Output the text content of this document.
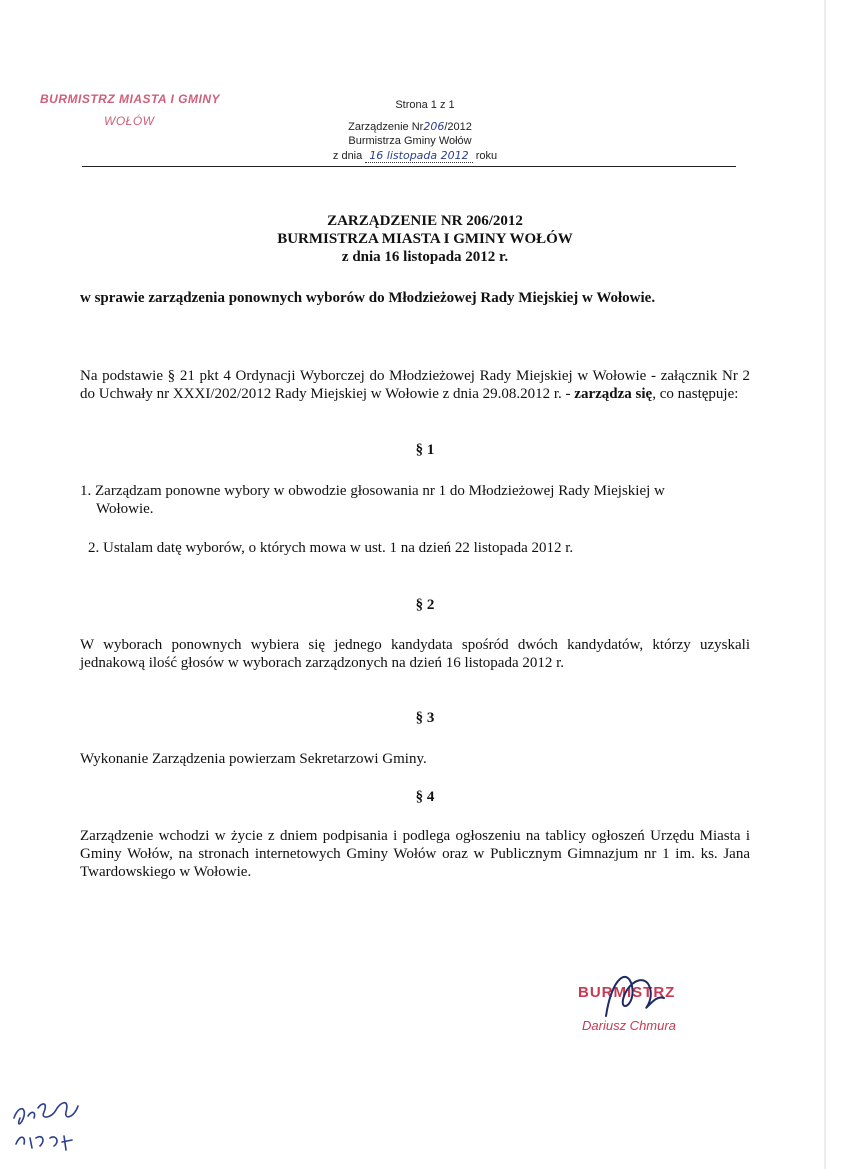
BURMISTRZ MIASTA I GMINY
WOŁÓW
Strona 1 z 1
Zarządzenie Nr206/2012
Burmistrza Gminy Wołów
z dnia 16 listopada 2012 roku
ZARZĄDZENIE NR 206/2012
BURMISTRZA MIASTA I GMINY WOŁÓW
z dnia 16 listopada 2012 r.
w sprawie zarządzenia ponownych wyborów do Młodzieżowej Rady Miejskiej w Wołowie.
Na podstawie § 21 pkt 4 Ordynacji Wyborczej do Młodzieżowej Rady Miejskiej w Wołowie - załącznik Nr 2 do Uchwały nr XXXI/202/2012 Rady Miejskiej w Wołowie z dnia 29.08.2012 r. - zarządza się, co następuje:
§ 1
1. Zarządzam ponowne wybory w obwodzie głosowania nr 1 do Młodzieżowej Rady Miejskiej w Wołowie.
2. Ustalam datę wyborów, o których mowa w ust. 1 na dzień 22 listopada 2012 r.
§ 2
W wyborach ponownych wybiera się jednego kandydata spośród dwóch kandydatów, którzy uzyskali jednakową ilość głosów w wyborach zarządzonych na dzień 16 listopada 2012 r.
§ 3
Wykonanie Zarządzenia powierzam Sekretarzowi Gminy.
§ 4
Zarządzenie wchodzi w życie z dniem podpisania i podlega ogłoszeniu na tablicy ogłoszeń Urzędu Miasta i Gminy Wołów, na stronach internetowych Gminy Wołów oraz w Publicznym Gimnazjum nr 1 im. ks. Jana Twardowskiego w Wołowie.
BURMISTRZ
Dariusz Chmura
